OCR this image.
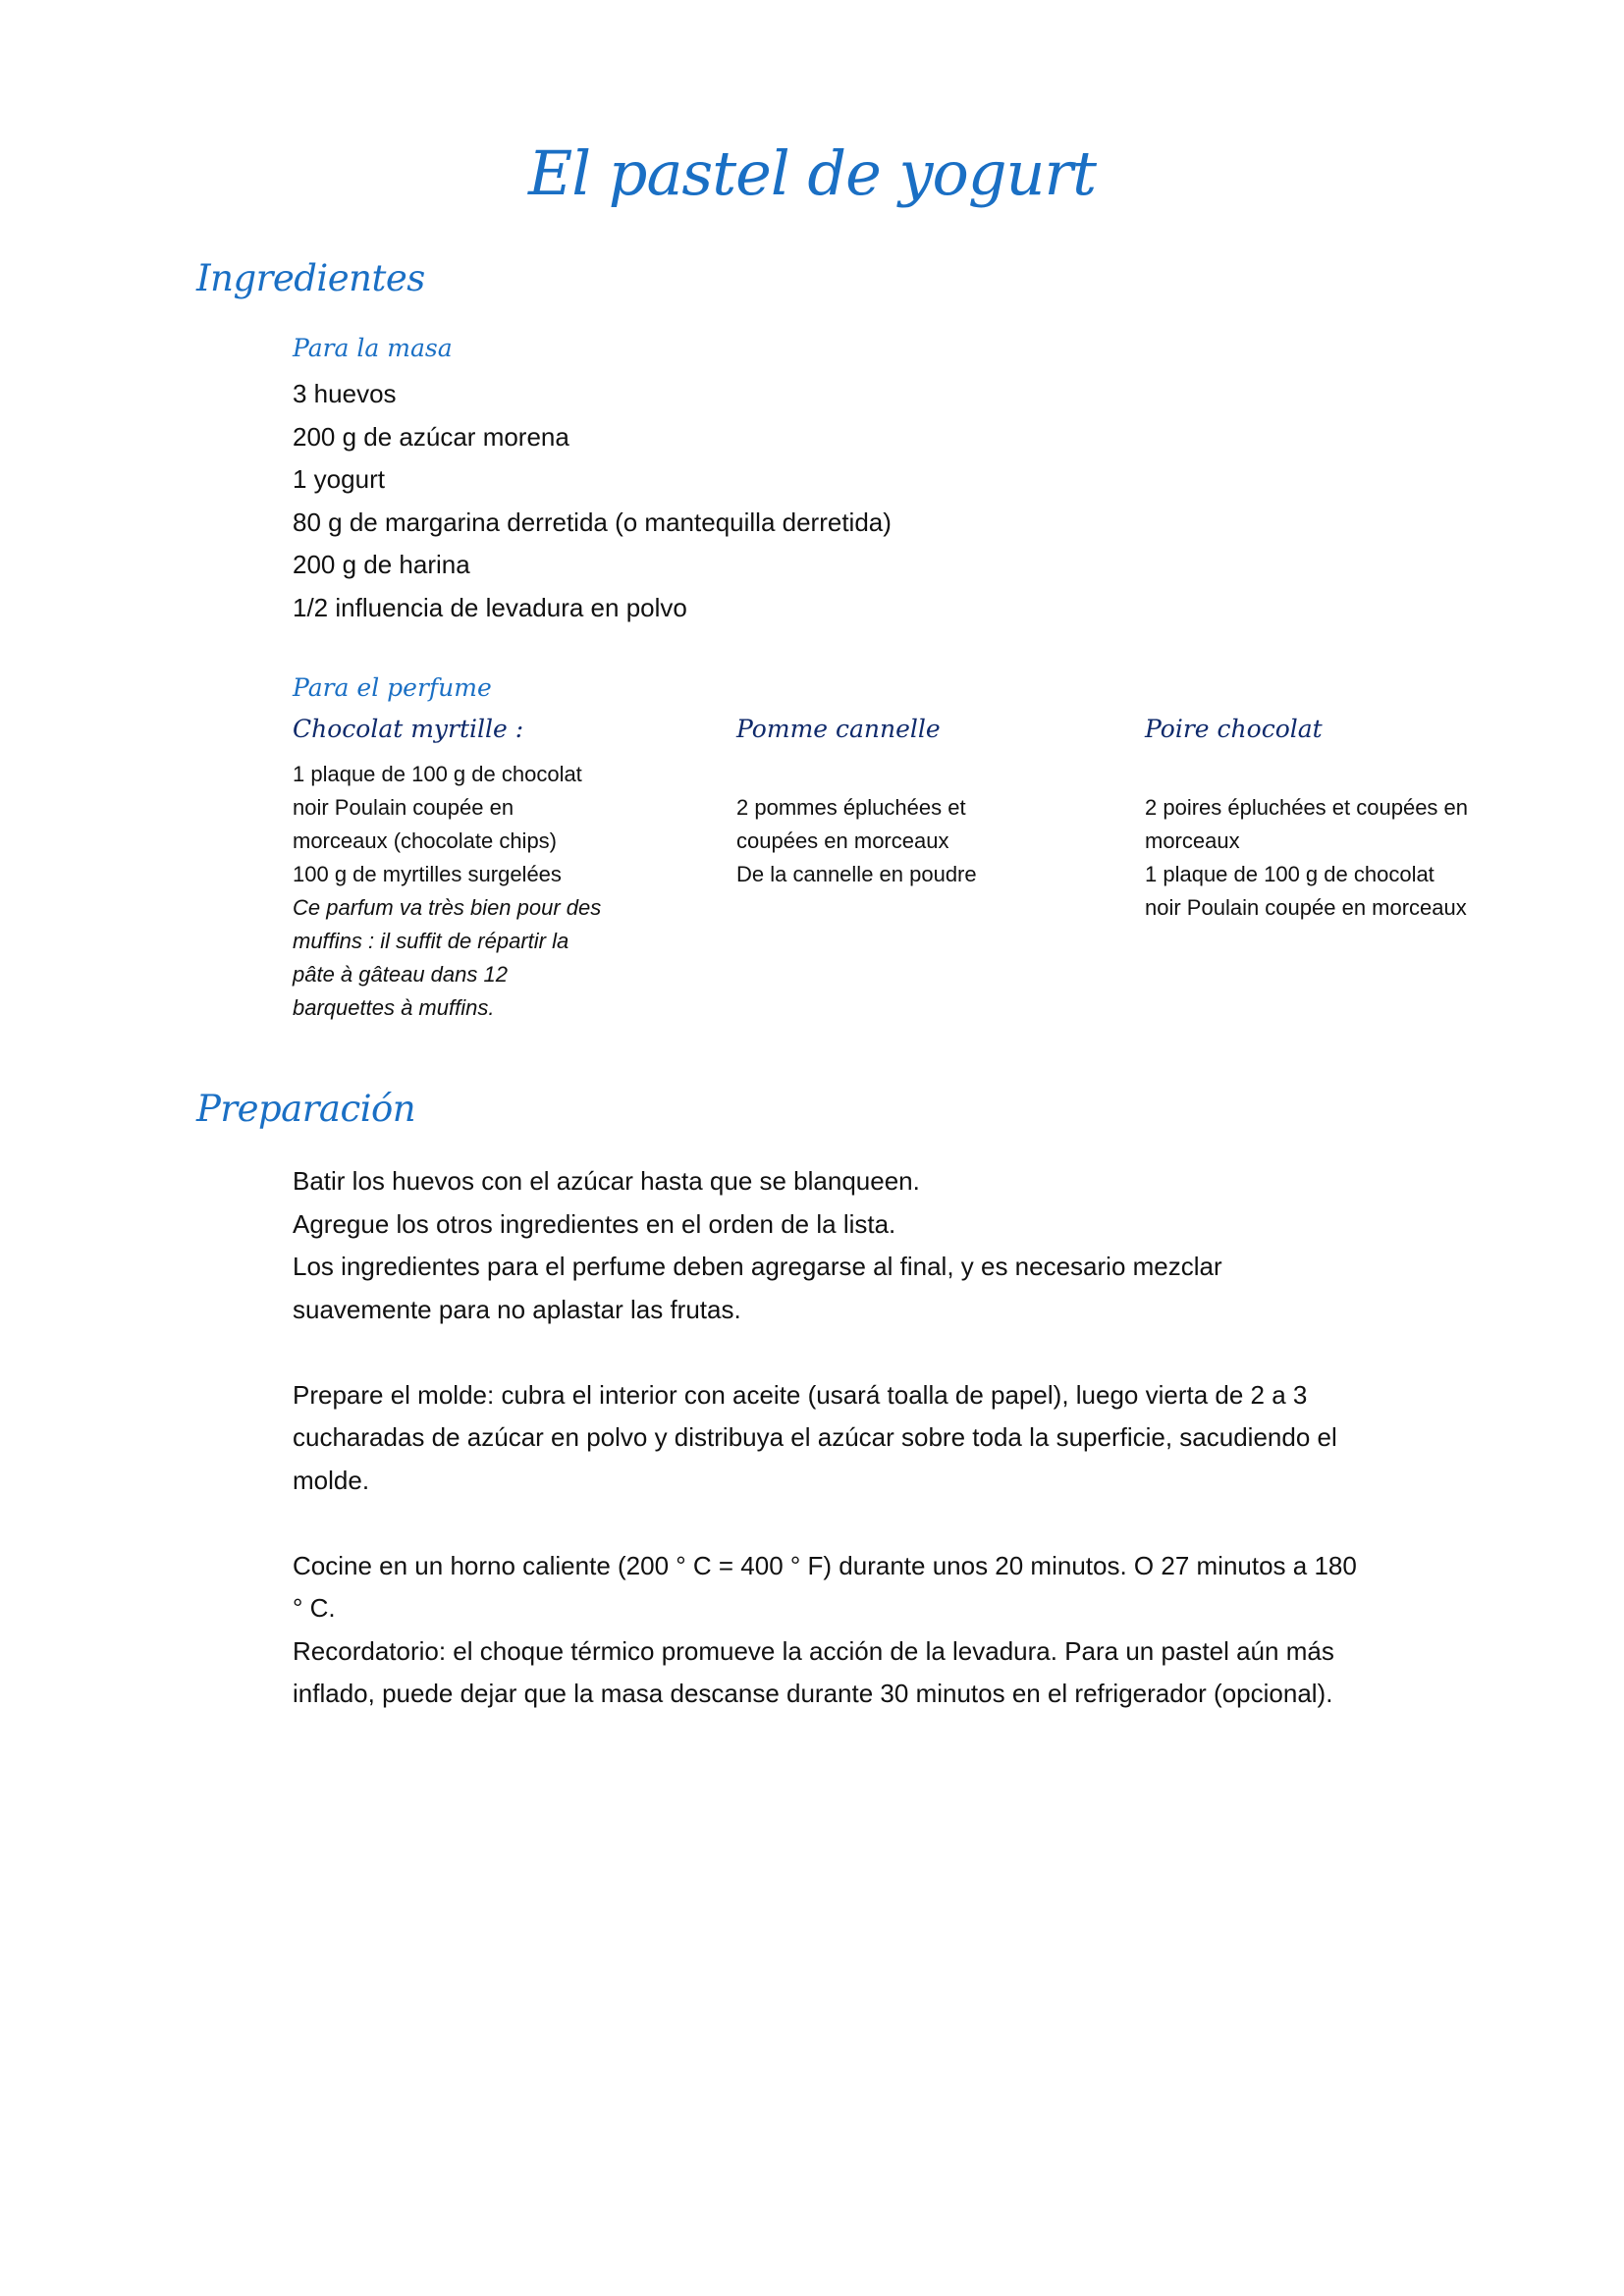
El pastel de yogurt
Ingredientes
Para la masa
3 huevos
200 g de azúcar morena
1 yogurt
80 g de margarina derretida (o mantequilla derretida)
200 g de harina
1/2 influencia de levadura en polvo
Para el perfume
Chocolat myrtille :
1 plaque de 100 g de chocolat
noir Poulain coupée en
morceaux (chocolate chips)
100 g de myrtilles surgelées
Ce parfum va très bien pour des
muffins : il suffit de répartir la
pâte à gâteau dans 12
barquettes à muffins.
Pomme cannelle
2 pommes épluchées et
coupées en morceaux
De la cannelle en poudre
Poire chocolat
2 poires épluchées et coupées en
morceaux
1 plaque de 100 g de chocolat
noir Poulain coupée en morceaux
Preparación

Batir los huevos con el azúcar hasta que se blanqueen.
Agregue los otros ingredientes en el orden de la lista.
Los ingredientes para el perfume deben agregarse al final, y es necesario mezclar
suavemente para no aplastar las frutas.

Prepare el molde: cubra el interior con aceite (usará toalla de papel), luego vierta de 2 a 3
cucharadas de azúcar en polvo y distribuya el azúcar sobre toda la superficie, sacudiendo el
molde.

Cocine en un horno caliente (200 ° C = 400 ° F) durante unos 20 minutos. O 27 minutos a 180
° C.
Recordatorio: el choque térmico promueve la acción de la levadura. Para un pastel aún más
inflado, puede dejar que la masa descanse durante 30 minutos en el refrigerador (opcional).
